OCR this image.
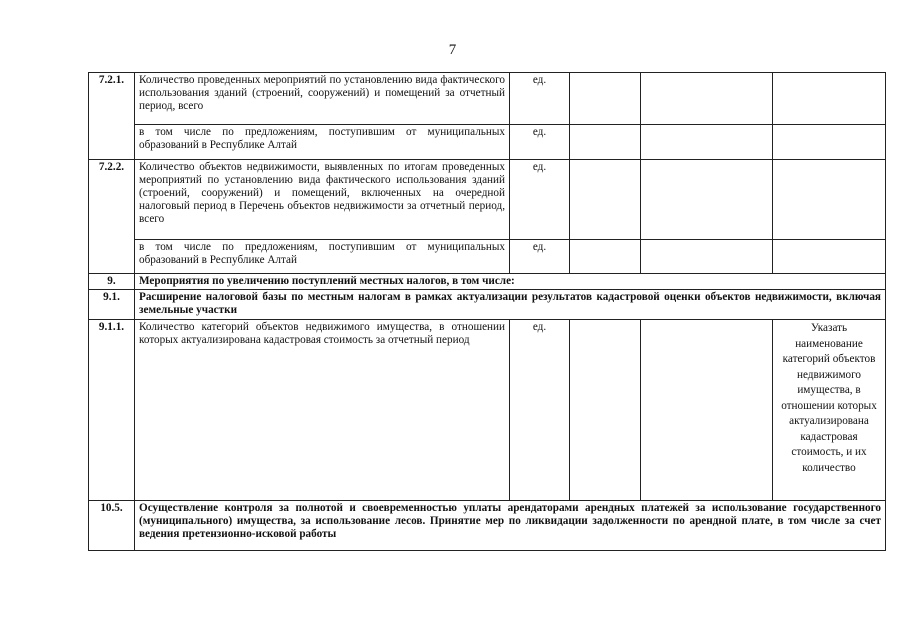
7
7.2.1.	Количество проведенных мероприятий по установлению вида фактического использования зданий (строений, сооружений) и помещений за отчетный период, всего	ед.			
	в том числе по предложениям, поступившим от муниципальных образований в Республике Алтай	ед.			
7.2.2.	Количество объектов недвижимости, выявленных по итогам проведенных мероприятий по установлению вида фактического использования зданий (строений, сооружений) и помещений, включенных на очередной налоговый период в Перечень объектов недвижимости за отчетный период, всего	ед.			
	в том числе по предложениям, поступившим от муниципальных образований в Республике Алтай	ед.			
9.	Мероприятия по увеличению поступлений местных налогов, в том числе:				
9.1.	Расширение налоговой базы по местным налогам в рамках актуализации результатов кадастровой оценки объектов недвижимости, включая земельные участки				
9.1.1.	Количество категорий объектов недвижимого имущества, в отношении которых актуализирована кадастровая стоимость за отчетный период	ед.			Указать наименование категорий объектов недвижимого имущества, в отношении которых актуализирована кадастровая стоимость, и их количество
10.5.	Осуществление контроля за полнотой и своевременностью уплаты арендаторами арендных платежей за использование государственного (муниципального) имущества, за использование лесов. Принятие мер по ликвидации задолженности по арендной плате, в том числе за счет ведения претензионно-исковой работы				
